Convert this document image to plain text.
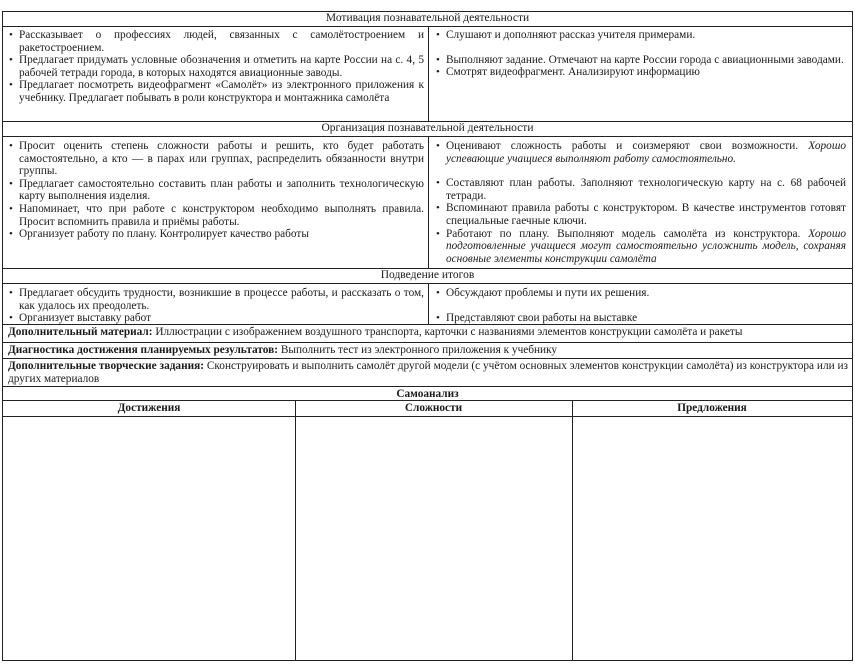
Мотивация познавательной деятельности
• Рассказывает о профессиях людей, связанных с самолётостроением и ракетостроением.
• Предлагает придумать условные обозначения и отметить на карте России на с. 4, 5 рабочей тетради города, в которых находятся авиационные заводы.
• Предлагает посмотреть видеофрагмент «Самолёт» из электронного приложения к учебнику. Предлагает побывать в роли конструктора и монтажника самолёта
• Слушают и дополняют рассказ учителя примерами.
• Выполняют задание. Отмечают на карте России города с авиационными заводами.
• Смотрят видеофрагмент. Анализируют информацию
Организация познавательной деятельности
• Просит оценить степень сложности работы и решить, кто будет работать самостоятельно, а кто — в парах или группах, распределить обязанности внутри группы.
• Предлагает самостоятельно составить план работы и заполнить технологическую карту выполнения изделия.
• Напоминает, что при работе с конструктором необходимо выполнять правила. Просит вспомнить правила и приёмы работы.
• Организует работу по плану. Контролирует качество работы
• Оценивают сложность работы и соизмеряют свои возможности. Хорошо успевающие учащиеся выполняют работу самостоятельно.
• Составляют план работы. Заполняют технологическую карту на с. 68 рабочей тетради.
• Вспоминают правила работы с конструктором. В качестве инструментов готовят специальные гаечные ключи.
• Работают по плану. Выполняют модель самолёта из конструктора. Хорошо подготовленные учащиеся могут самостоятельно усложнить модель, сохраняя основные элементы конструкции самолёта
Подведение итогов
• Предлагает обсудить трудности, возникшие в процессе работы, и рассказать о том, как удалось их преодолеть.
• Организует выставку работ
• Обсуждают проблемы и пути их решения.
• Представляют свои работы на выставке
Дополнительный материал: Иллюстрации с изображением воздушного транспорта, карточки с названиями элементов конструкции самолёта и ракеты
Диагностика достижения планируемых результатов: Выполнить тест из электронного приложения к учебнику
Дополнительные творческие задания: Сконструировать и выполнить самолёт другой модели (с учётом основных элементов конструкции самолёта) из конструктора или из других материалов
Самоанализ
Достижения	Сложности	Предложения
